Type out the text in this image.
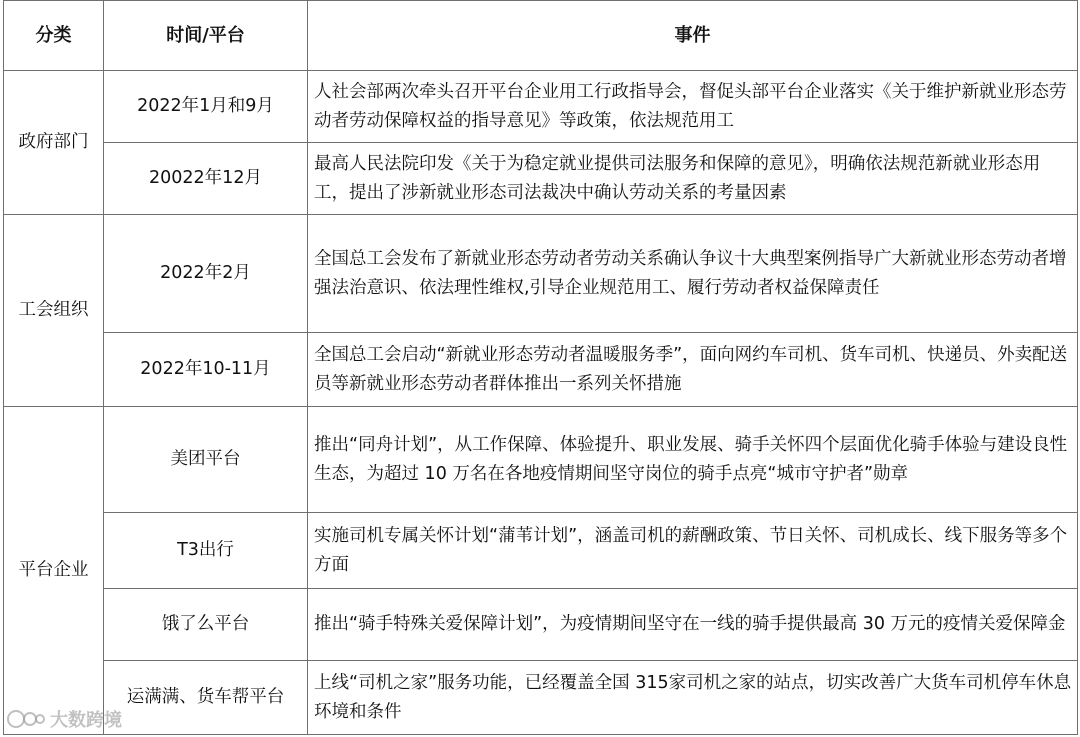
分类	时间/平台	事件
政府部门	2022年1月和9月	人社会部两次牵头召开平台企业用工行政指导会，督促头部平台企业落实《关于维护新就业形态劳动者劳动保障权益的指导意见》等政策，依法规范用工
	20022年12月	最高人民法院印发《关于为稳定就业提供司法服务和保障的意见》，明确依法规范新就业形态用工，提出了涉新就业形态司法裁决中确认劳动关系的考量因素
工会组织	2022年2月	全国总工会发布了新就业形态劳动者劳动关系确认争议十大典型案例指导广大新就业形态劳动者增强法治意识、依法理性维权,引导企业规范用工、履行劳动者权益保障责任
	2022年10-11月	全国总工会启动“新就业形态劳动者温暖服务季”，面向网约车司机、货车司机、快递员、外卖配送员等新就业形态劳动者群体推出一系列关怀措施
平台企业	美团平台	推出“同舟计划”，从工作保障、体验提升、职业发展、骑手关怀四个层面优化骑手体验与建设良性生态，为超过 10 万名在各地疫情期间坚守岗位的骑手点亮“城市守护者”勋章
	T3出行	实施司机专属关怀计划“蒲苇计划”，涵盖司机的薪酬政策、节日关怀、司机成长、线下服务等多个方面
	饿了么平台	推出“骑手特殊关爱保障计划”，为疫情期间坚守在一线的骑手提供最高 30 万元的疫情关爱保障金
	运满满、货车帮平台	上线“司机之家”服务功能，已经覆盖全国 315家司机之家的站点，切实改善广大货车司机停车休息环境和条件
大数跨境
